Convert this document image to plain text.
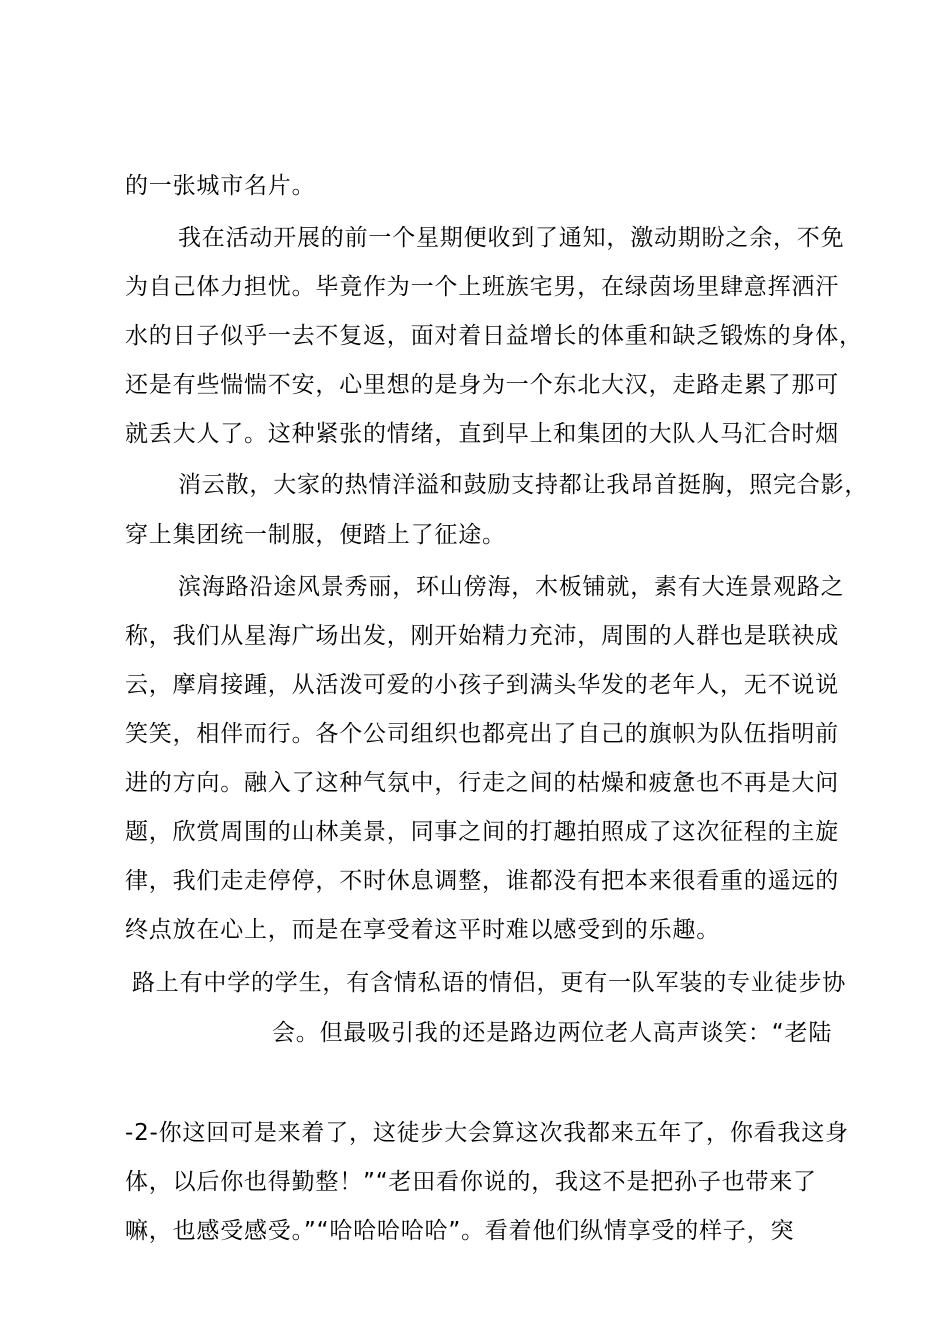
的一张城市名片。
我在活动开展的前一个星期便收到了通知，激动期盼之余，不免
为自己体力担忧。毕竟作为一个上班族宅男，在绿茵场里肆意挥洒汗
水的日子似乎一去不复返，面对着日益增长的体重和缺乏锻炼的身体，
还是有些惴惴不安，心里想的是身为一个东北大汉，走路走累了那可
就丢大人了。这种紧张的情绪，直到早上和集团的大队人马汇合时烟
消云散，大家的热情洋溢和鼓励支持都让我昂首挺胸，照完合影，
穿上集团统一制服，便踏上了征途。
滨海路沿途风景秀丽，环山傍海，木板铺就，素有大连景观路之
称，我们从星海广场出发，刚开始精力充沛，周围的人群也是联袂成
云，摩肩接踵，从活泼可爱的小孩子到满头华发的老年人，无不说说
笑笑，相伴而行。各个公司组织也都亮出了自己的旗帜为队伍指明前
进的方向。融入了这种气氛中，行走之间的枯燥和疲惫也不再是大问
题，欣赏周围的山林美景，同事之间的打趣拍照成了这次征程的主旋
律，我们走走停停，不时休息调整，谁都没有把本来很看重的遥远的
终点放在心上，而是在享受着这平时难以感受到的乐趣。
路上有中学的学生，有含情私语的情侣，更有一队军装的专业徒步协
会。但最吸引我的还是路边两位老人高声谈笑：“老陆
-2-你这回可是来着了，这徒步大会算这次我都来五年了，你看我这身
体，以后你也得勤整！”“老田看你说的，我这不是把孙子也带来了
嘛，也感受感受。”“哈哈哈哈哈”。看着他们纵情享受的样子，突
